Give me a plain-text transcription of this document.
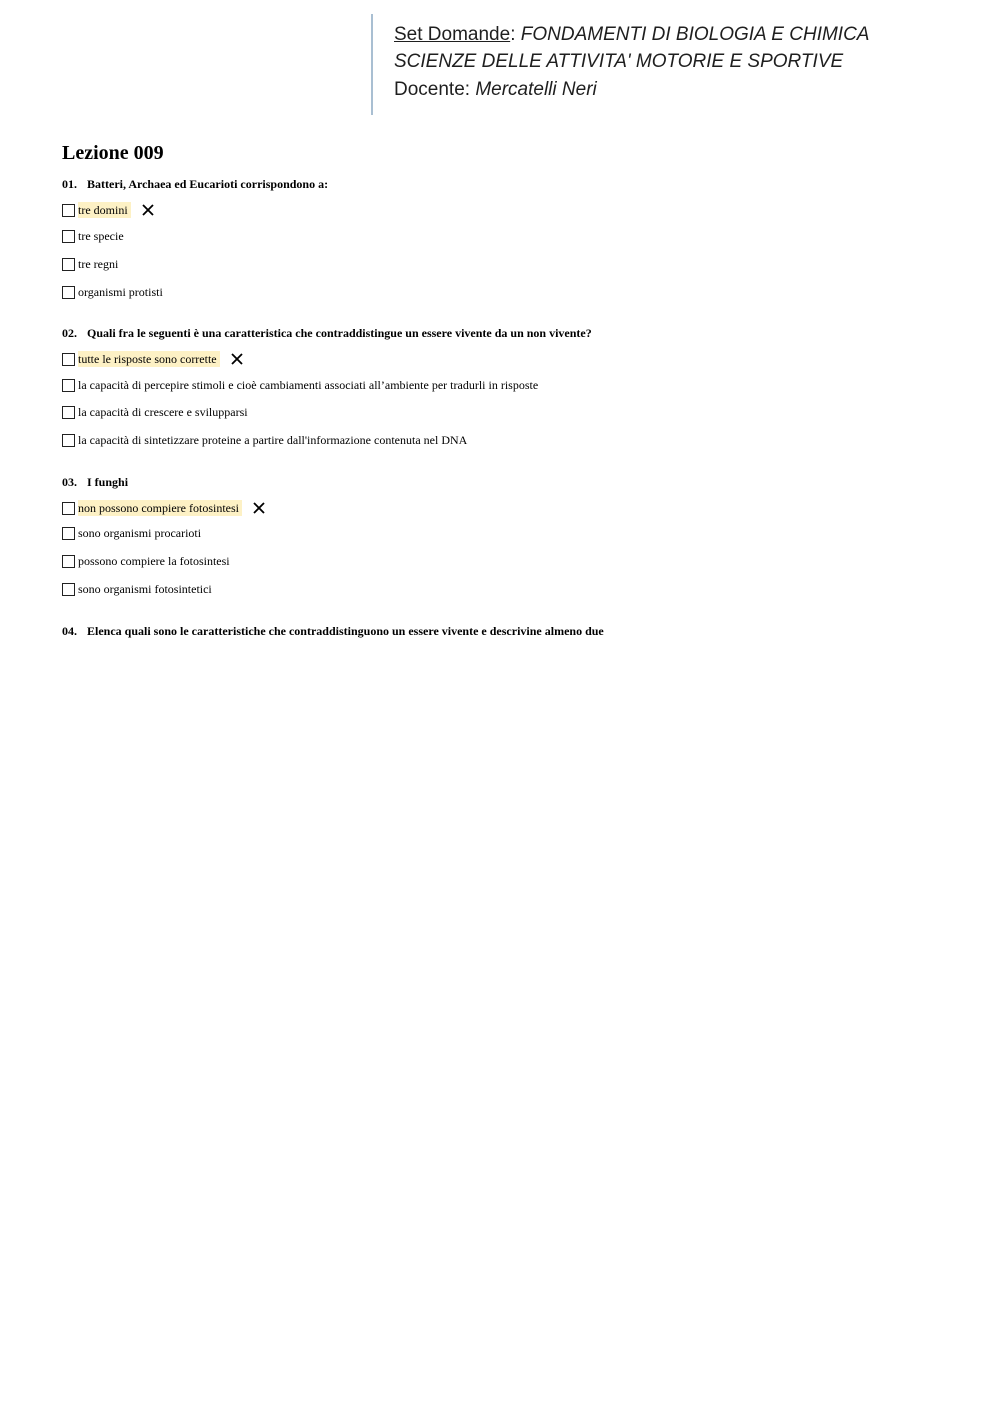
Set Domande: FONDAMENTI DI BIOLOGIA E CHIMICA
SCIENZE DELLE ATTIVITA' MOTORIE E SPORTIVE
Docente: Mercatelli Neri
Lezione 009
01. Batteri, Archaea ed Eucarioti corrispondono a:
tre domini
tre specie
tre regni
organismi protisti
02. Quali fra le seguenti è una caratteristica che contraddistingue un essere vivente da un non vivente?
tutte le risposte sono corrette
la capacità di percepire stimoli e cioè cambiamenti associati all’ambiente per tradurli in risposte
la capacità di crescere e svilupparsi
la capacità di sintetizzare proteine a partire dall'informazione contenuta nel DNA
03. I funghi
non possono compiere fotosintesi
sono organismi procarioti
possono compiere la fotosintesi
sono organismi fotosintetici
04. Elenca quali sono le caratteristiche che contraddistinguono un essere vivente e descrivine almeno due
